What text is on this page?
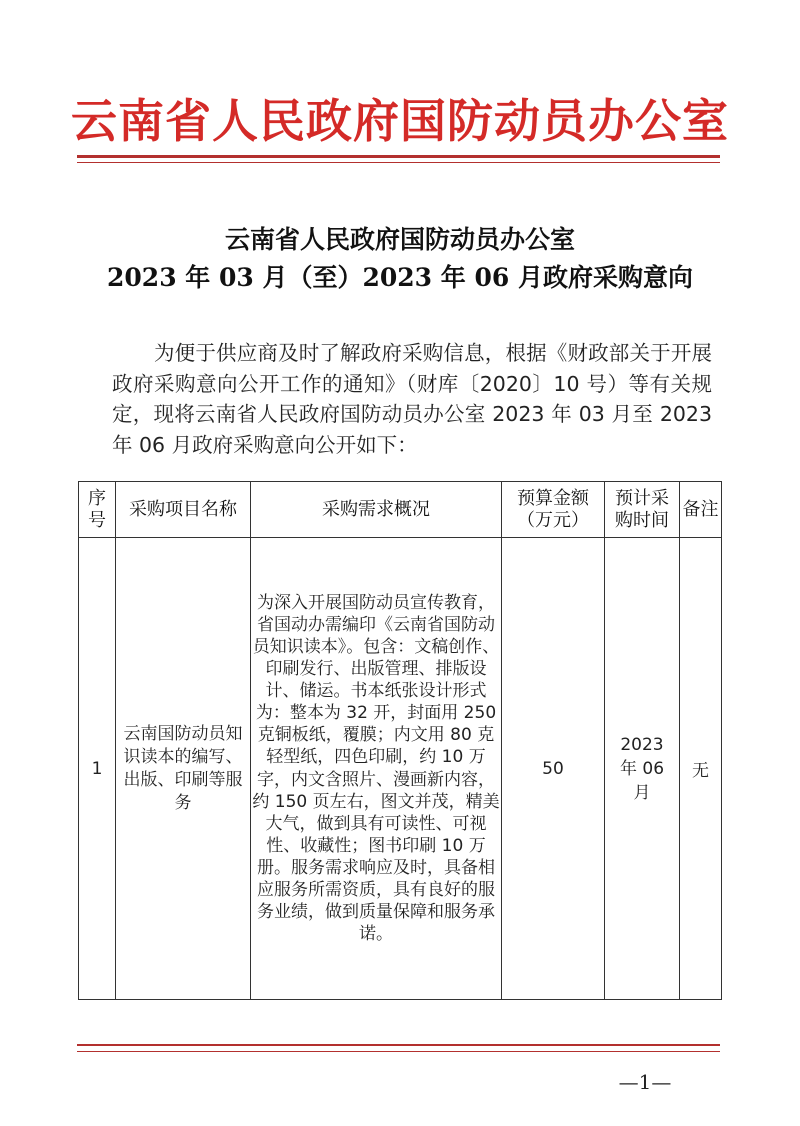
云南省人民政府国防动员办公室
云南省人民政府国防动员办公室
2023 年 03 月（至）2023 年 06 月政府采购意向

为便于供应商及时了解政府采购信息，根据《财政部关于开展政府采购意向公开工作的通知》（财库〔2020〕10 号）等有关规定，现将云南省人民政府国防动员办公室 2023 年 03 月至 2023 年 06 月政府采购意向公开如下：

序号	采购项目名称	采购需求概况	预算金额（万元）	预计采购时间	备注
1	云南国防动员知识读本的编写、出版、印刷等服务	为深入开展国防动员宣传教育，省国动办需编印《云南省国防动员知识读本》。包含：文稿创作、印刷发行、出版管理、排版设计、储运。书本纸张设计形式为：整本为 32 开，封面用 250 克铜板纸，覆膜；内文用 80 克轻型纸，四色印刷，约 10 万字，内文含照片、漫画新内容，约 150 页左右，图文并茂，精美大气，做到具有可读性、可视性、收藏性；图书印刷 10 万册。服务需求响应及时，具备相应服务所需资质，具有良好的服务业绩，做到质量保障和服务承诺。	50	2023 年 06 月	无
—1—
